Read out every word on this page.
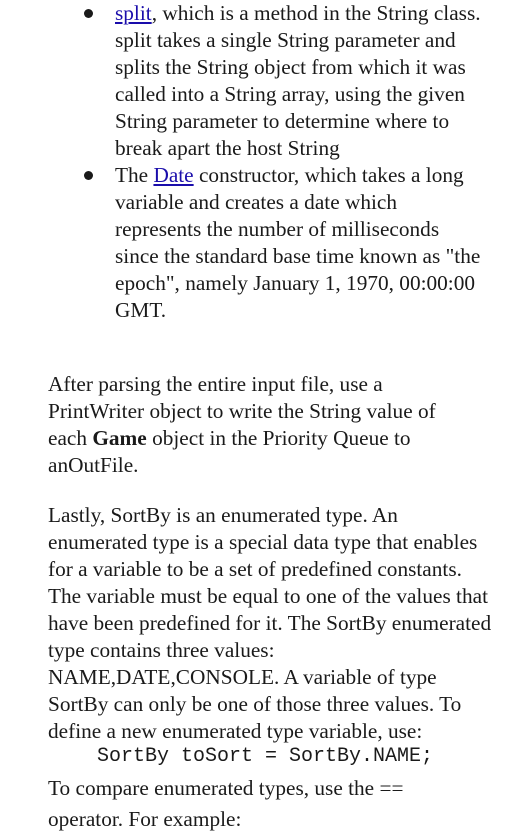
split, which is a method in the String class. split takes a single String parameter and splits the String object from which it was called into a String array, using the given String parameter to determine where to break apart the host String
The Date constructor, which takes a long variable and creates a date which represents the number of milliseconds since the standard base time known as "the epoch", namely January 1, 1970, 00:00:00 GMT.

After parsing the entire input file, use a PrintWriter object to write the String value of each Game object in the Priority Queue to anOutFile.

Lastly, SortBy is an enumerated type. An enumerated type is a special data type that enables for a variable to be a set of predefined constants. The variable must be equal to one of the values that have been predefined for it. The SortBy enumerated type contains three values: NAME,DATE,CONSOLE. A variable of type SortBy can only be one of those three values. To define a new enumerated type variable, use:

SortBy toSort = SortBy.NAME;

To compare enumerated types, use the == operator. For example:
